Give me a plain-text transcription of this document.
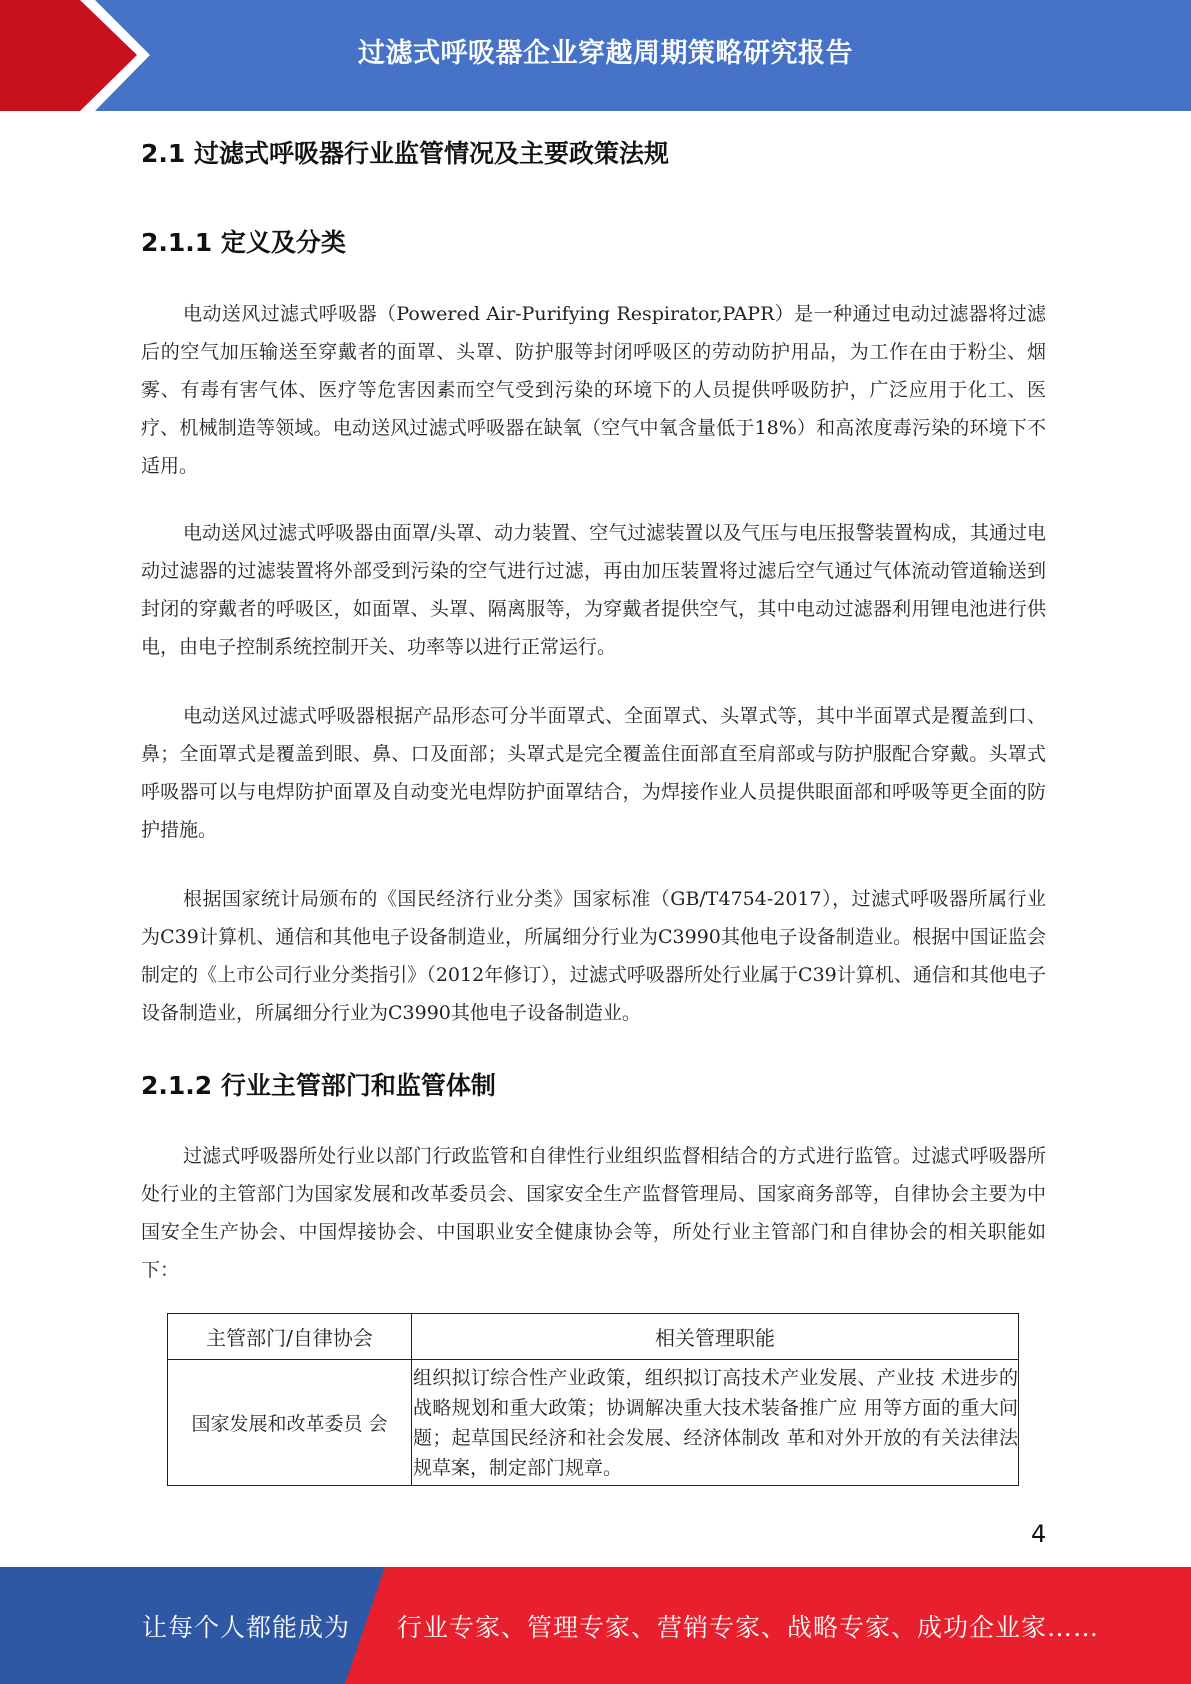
过滤式呼吸器企业穿越周期策略研究报告
2.1 过滤式呼吸器行业监管情况及主要政策法规
2.1.1 定义及分类
电动送风过滤式呼吸器（Powered Air-Purifying Respirator,PAPR）是一种通过电动过滤器将过滤后的空气加压输送至穿戴者的面罩、头罩、防护服等封闭呼吸区的劳动防护用品，为工作在由于粉尘、烟雾、有毒有害气体、医疗等危害因素而空气受到污染的环境下的人员提供呼吸防护，广泛应用于化工、医疗、机械制造等领域。电动送风过滤式呼吸器在缺氧（空气中氧含量低于18%）和高浓度毒污染的环境下不适用。
电动送风过滤式呼吸器由面罩/头罩、动力装置、空气过滤装置以及气压与电压报警装置构成，其通过电动过滤器的过滤装置将外部受到污染的空气进行过滤，再由加压装置将过滤后空气通过气体流动管道输送到封闭的穿戴者的呼吸区，如面罩、头罩、隔离服等，为穿戴者提供空气，其中电动过滤器利用锂电池进行供电，由电子控制系统控制开关、功率等以进行正常运行。
电动送风过滤式呼吸器根据产品形态可分半面罩式、全面罩式、头罩式等，其中半面罩式是覆盖到口、鼻；全面罩式是覆盖到眼、鼻、口及面部；头罩式是完全覆盖住面部直至肩部或与防护服配合穿戴。头罩式呼吸器可以与电焊防护面罩及自动变光电焊防护面罩结合，为焊接作业人员提供眼面部和呼吸等更全面的防护措施。
根据国家统计局颁布的《国民经济行业分类》国家标准（GB/T4754-2017），过滤式呼吸器所属行业为C39计算机、通信和其他电子设备制造业，所属细分行业为C3990其他电子设备制造业。根据中国证监会制定的《上市公司行业分类指引》（2012年修订），过滤式呼吸器所处行业属于C39计算机、通信和其他电子设备制造业，所属细分行业为C3990其他电子设备制造业。
2.1.2 行业主管部门和监管体制
过滤式呼吸器所处行业以部门行政监管和自律性行业组织监督相结合的方式进行监管。过滤式呼吸器所处行业的主管部门为国家发展和改革委员会、国家安全生产监督管理局、国家商务部等，自律协会主要为中国安全生产协会、中国焊接协会、中国职业安全健康协会等，所处行业主管部门和自律协会的相关职能如下：
主管部门/自律协会	相关管理职能
国家发展和改革委员 会	组织拟订综合性产业政策，组织拟订高技术产业发展、产业技 术进步的战略规划和重大政策；协调解决重大技术装备推广应 用等方面的重大问题；起草国民经济和社会发展、经济体制改 革和对外开放的有关法律法规草案，制定部门规章。
4
让每个人都能成为 行业专家、管理专家、营销专家、战略专家、成功企业家……
